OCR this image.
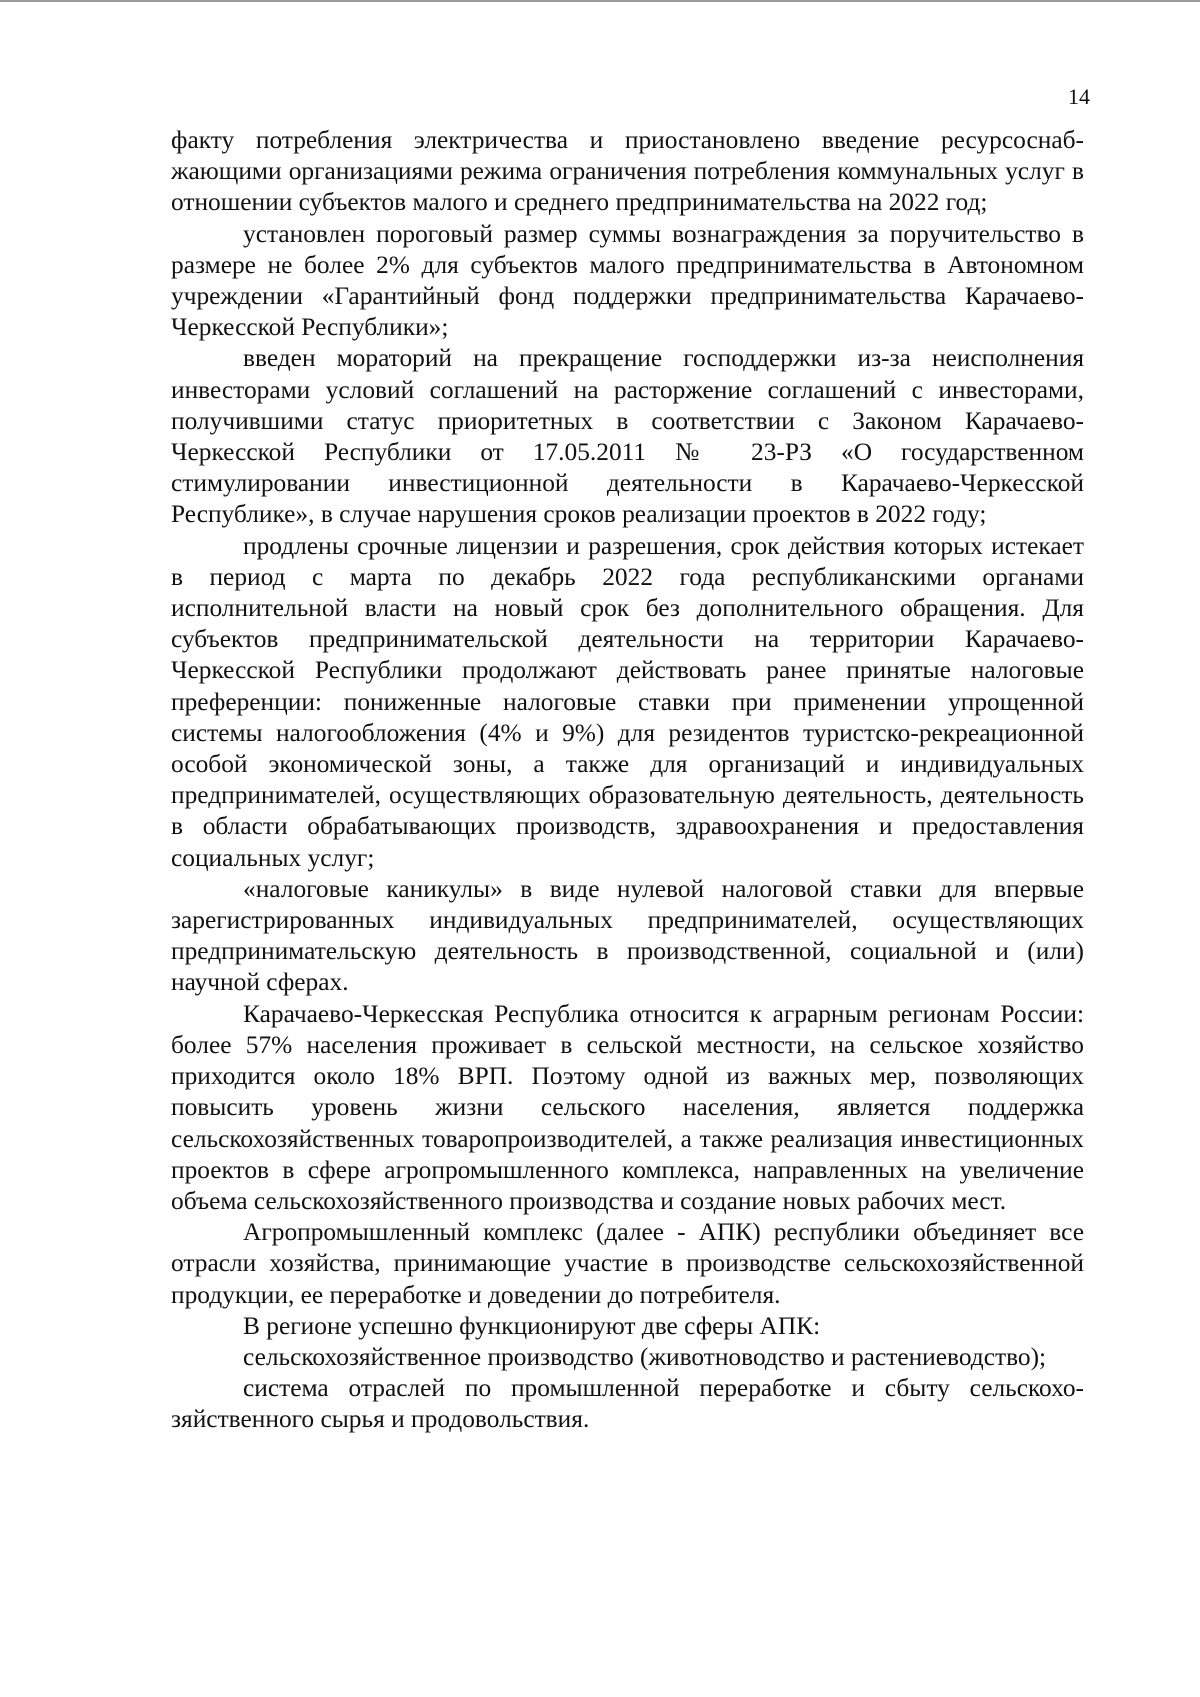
14

факту потребления электричества и приостановлено введение ресурсоснабжающими организациями режима ограничения потребления коммунальных услуг в отношении субъектов малого и среднего предпринимательства на 2022 год;

установлен пороговый размер суммы вознаграждения за поручительство в размере не более 2% для субъектов малого предпринимательства в Автономном учреждении «Гарантийный фонд поддержки предпринимательства Карачаево-Черкесской Республики»;

введен мораторий на прекращение господдержки из-за неисполнения инвесторами условий соглашений на расторжение соглашений с инвесторами, получившими статус приоритетных в соответствии с Законом Карачаево-Черкесской Республики от 17.05.2011 № 23-РЗ «О государственном стимулировании инвестиционной деятельности в Карачаево-Черкесской Республике», в случае нарушения сроков реализации проектов в 2022 году;

продлены срочные лицензии и разрешения, срок действия которых истекает в период с марта по декабрь 2022 года республиканскими органами исполнительной власти на новый срок без дополнительного обращения. Для субъектов предпринимательской деятельности на территории Карачаево-Черкесской Республики продолжают действовать ранее принятые налоговые преференции: пониженные налоговые ставки при применении упрощенной системы налогообложения (4% и 9%) для резидентов туристско-рекреационной особой экономической зоны, а также для организаций и индивидуальных предпринимателей, осуществляющих образовательную деятельность, деятельность в области обрабатывающих производств, здравоохранения и предоставления социальных услуг;

«налоговые каникулы» в виде нулевой налоговой ставки для впервые зарегистрированных индивидуальных предпринимателей, осуществляющих предпринимательскую деятельность в производственной, социальной и (или) научной сферах.

Карачаево-Черкесская Республика относится к аграрным регионам России: более 57% населения проживает в сельской местности, на сельское хозяйство приходится около 18% ВРП. Поэтому одной из важных мер, позволяющих повысить уровень жизни сельского населения, является поддержка сельскохозяйственных товаропроизводителей, а также реализация инвестиционных проектов в сфере агропромышленного комплекса, направленных на увеличение объема сельскохозяйственного производства и создание новых рабочих мест.

Агропромышленный комплекс (далее - АПК) республики объединяет все отрасли хозяйства, принимающие участие в производстве сельскохозяйственной продукции, ее переработке и доведении до потребителя.

В регионе успешно функционируют две сферы АПК:

сельскохозяйственное производство (животноводство и растениеводство);

система отраслей по промышленной переработке и сбыту сельскохозяйственного сырья и продовольствия.
